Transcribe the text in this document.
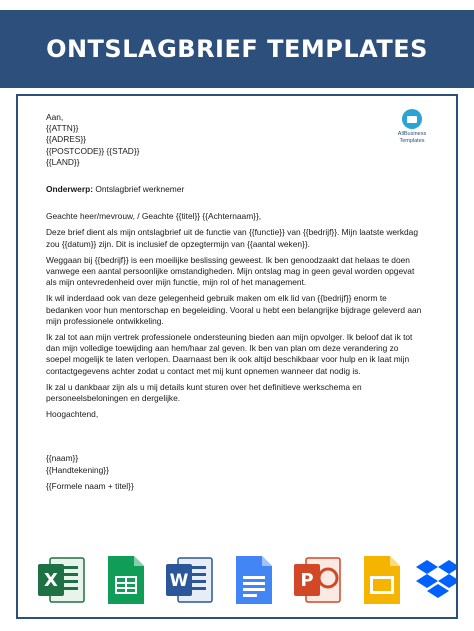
ONTSLAGBRIEF TEMPLATES
AllBusiness
Templates
Aan,
{{ATTN}}
{{ADRES}}
{{POSTCODE}} {{STAD}}
{{LAND}}
Onderwerp: Ontslagbrief werknemer
Geachte heer/mevrouw, / Geachte {{titel}} {{Achternaam}},
Deze brief dient als mijn ontslagbrief uit de functie van {{functie}} van {{bedrijf}}. Mijn laatste werkdag
zou {{datum}} zijn. Dit is inclusief de opzegtermijn van {{aantal weken}}.
Weggaan bij {{bedrijf}} is een moeilijke beslissing geweest. Ik ben genoodzaakt dat helaas te doen
vanwege een aantal persoonlijke omstandigheden. Mijn ontslag mag in geen geval worden opgevat
als mijn ontevredenheid over mijn functie, mijn rol of het management.
Ik wil inderdaad ook van deze gelegenheid gebruik maken om elk lid van {{bedrijf}} enorm te
bedanken voor hun mentorschap en begeleiding. Vooral u hebt een belangrijke bijdrage geleverd aan
mijn professionele ontwikkeling.
Ik zal tot aan mijn vertrek professionele ondersteuning bieden aan mijn opvolger. Ik beloof dat ik tot
dan mijn volledige toewijding aan hem/haar zal geven. Ik ben van plan om deze verandering zo
soepel mogelijk te laten verlopen. Daarnaast ben ik ook altijd beschikbaar voor hulp en ik laat mijn
contactgegevens achter zodat u contact met mij kunt opnemen wanneer dat nodig is.
Ik zal u dankbaar zijn als u mij details kunt sturen over het definitieve werkschema en
personeelsbeloningen en dergelijke.
Hoogachtend,
{{naam}}
{{Handtekening}}
{{Formele naam + titel}}
X	W	P
